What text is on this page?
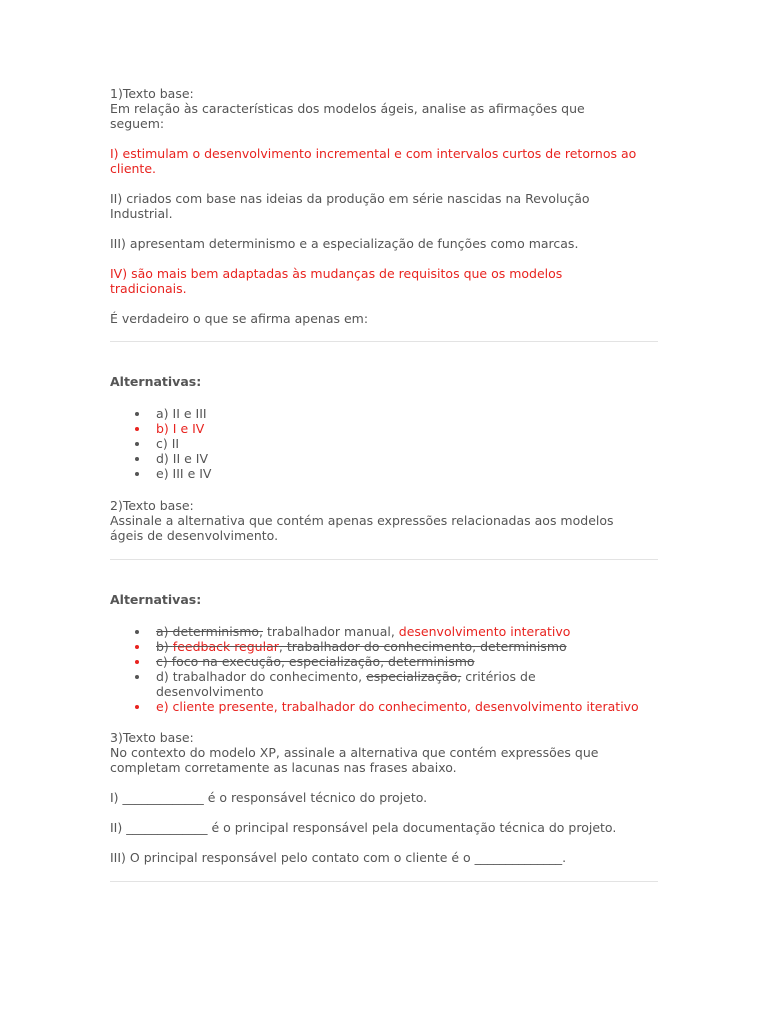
1)Texto base:
Em relação às características dos modelos ágeis, analise as afirmações que seguem:
I) estimulam o desenvolvimento incremental e com intervalos curtos de retornos ao cliente.
II) criados com base nas ideias da produção em série nascidas na Revolução Industrial.
III) apresentam determinismo e a especialização de funções como marcas.
IV) são mais bem adaptadas às mudanças de requisitos que os modelos tradicionais.
É verdadeiro o que se afirma apenas em:
Alternativas:
a) II e III
b) I e IV
c) II
d) II e IV
e) III e IV
2)Texto base:
Assinale a alternativa que contém apenas expressões relacionadas aos modelos ágeis de desenvolvimento.
Alternativas:
a) determinismo, trabalhador manual, desenvolvimento interativo
b) feedback regular, trabalhador do conhecimento, determinismo
c) foco na execução, especialização, determinismo
d) trabalhador do conhecimento, especialização, critérios de desenvolvimento
e) cliente presente, trabalhador do conhecimento, desenvolvimento iterativo
3)Texto base:
No contexto do modelo XP, assinale a alternativa que contém expressões que completam corretamente as lacunas nas frases abaixo.
I) _____________ é o responsável técnico do projeto.
II) _____________ é o principal responsável pela documentação técnica do projeto.
III) O principal responsável pelo contato com o cliente é o ______________.
